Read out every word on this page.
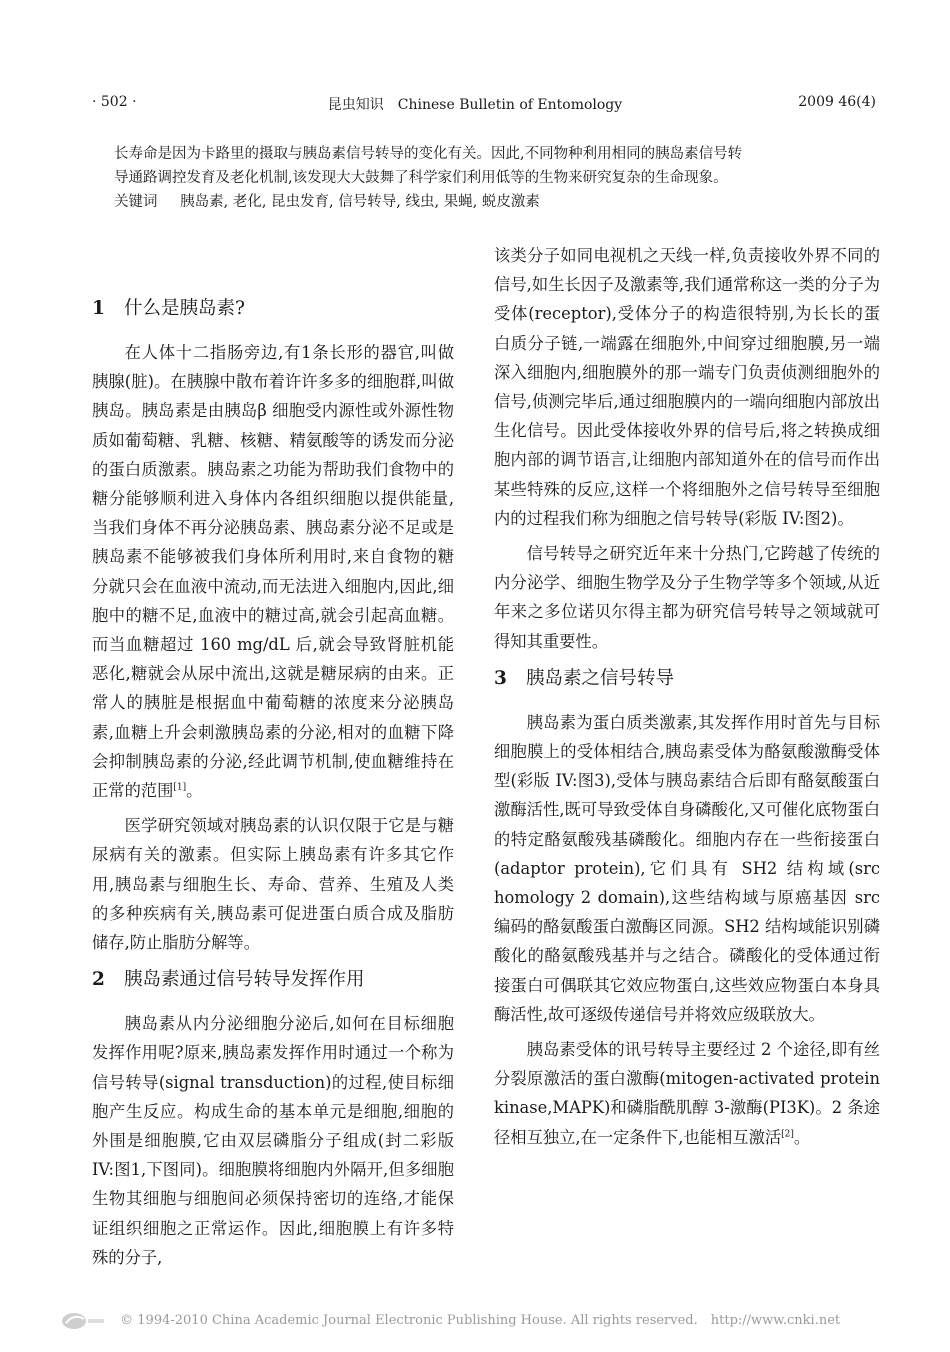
· 502 ·	昆虫知识　Chinese Bulletin of Entomology	2009 46(4)
长寿命是因为卡路里的摄取与胰岛素信号转导的变化有关。因此,不同物种利用相同的胰岛素信号转
导通路调控发育及老化机制,该发现大大鼓舞了科学家们利用低等的生物来研究复杂的生命现象。
关键词 胰岛素, 老化, 昆虫发育, 信号转导, 线虫, 果蝇, 蜕皮激素
1 什么是胰岛素?

在人体十二指肠旁边,有1条长形的器官,叫做胰腺(脏)。在胰腺中散布着许许多多的细胞群,叫做胰岛。胰岛素是由胰岛β 细胞受内源性或外源性物质如葡萄糖、乳糖、核糖、精氨酸等的诱发而分泌的蛋白质激素。胰岛素之功能为帮助我们食物中的糖分能够顺利进入身体内各组织细胞以提供能量,当我们身体不再分泌胰岛素、胰岛素分泌不足或是胰岛素不能够被我们身体所利用时,来自食物的糖分就只会在血液中流动,而无法进入细胞内,因此,细胞中的糖不足,血液中的糖过高,就会引起高血糖。而当血糖超过 160 mg/dL 后,就会导致肾脏机能恶化,糖就会从尿中流出,这就是糖尿病的由来。正常人的胰脏是根据血中葡萄糖的浓度来分泌胰岛素,血糖上升会刺激胰岛素的分泌,相对的血糖下降会抑制胰岛素的分泌,经此调节机制,使血糖维持在正常的范围[1]。

医学研究领域对胰岛素的认识仅限于它是与糖尿病有关的激素。但实际上胰岛素有许多其它作用,胰岛素与细胞生长、寿命、营养、生殖及人类的多种疾病有关,胰岛素可促进蛋白质合成及脂肪储存,防止脂肪分解等。

2 胰岛素通过信号转导发挥作用

胰岛素从内分泌细胞分泌后,如何在目标细胞发挥作用呢?原来,胰岛素发挥作用时通过一个称为信号转导(signal transduction)的过程,使目标细胞产生反应。构成生命的基本单元是细胞,细胞的外围是细胞膜,它由双层磷脂分子组成(封二彩版 IV:图1,下图同)。细胞膜将细胞内外隔开,但多细胞生物其细胞与细胞间必须保持密切的连络,才能保证组织细胞之正常运作。因此,细胞膜上有许多特殊的分子,

该类分子如同电视机之天线一样,负责接收外界不同的信号,如生长因子及激素等,我们通常称这一类的分子为受体(receptor),受体分子的构造很特别,为长长的蛋白质分子链,一端露在细胞外,中间穿过细胞膜,另一端深入细胞内,细胞膜外的那一端专门负责侦测细胞外的信号,侦测完毕后,通过细胞膜内的一端向细胞内部放出生化信号。因此受体接收外界的信号后,将之转换成细胞内部的调节语言,让细胞内部知道外在的信号而作出某些特殊的反应,这样一个将细胞外之信号转导至细胞内的过程我们称为细胞之信号转导(彩版 IV:图2)。

信号转导之研究近年来十分热门,它跨越了传统的内分泌学、细胞生物学及分子生物学等多个领域,从近年来之多位诺贝尔得主都为研究信号转导之领域就可得知其重要性。

3 胰岛素之信号转导

胰岛素为蛋白质类激素,其发挥作用时首先与目标细胞膜上的受体相结合,胰岛素受体为酪氨酸激酶受体型(彩版 IV:图3),受体与胰岛素结合后即有酪氨酸蛋白激酶活性,既可导致受体自身磷酸化,又可催化底物蛋白的特定酪氨酸残基磷酸化。细胞内存在一些衔接蛋白(adaptor protein),它们具有 SH2 结构域(src homology 2 domain),这些结构域与原癌基因 src 编码的酪氨酸蛋白激酶区同源。SH2 结构域能识别磷酸化的酪氨酸残基并与之结合。磷酸化的受体通过衔接蛋白可偶联其它效应物蛋白,这些效应物蛋白本身具酶活性,故可逐级传递信号并将效应级联放大。

胰岛素受体的讯号转导主要经过 2 个途径,即有丝分裂原激活的蛋白激酶(mitogen-activated protein kinase,MAPK)和磷脂酰肌醇 3-激酶(PI3K)。2 条途径相互独立,在一定条件下,也能相互激活[2]。

© 1994-2010 China Academic Journal Electronic Publishing House. All rights reserved.　http://www.cnki.net
